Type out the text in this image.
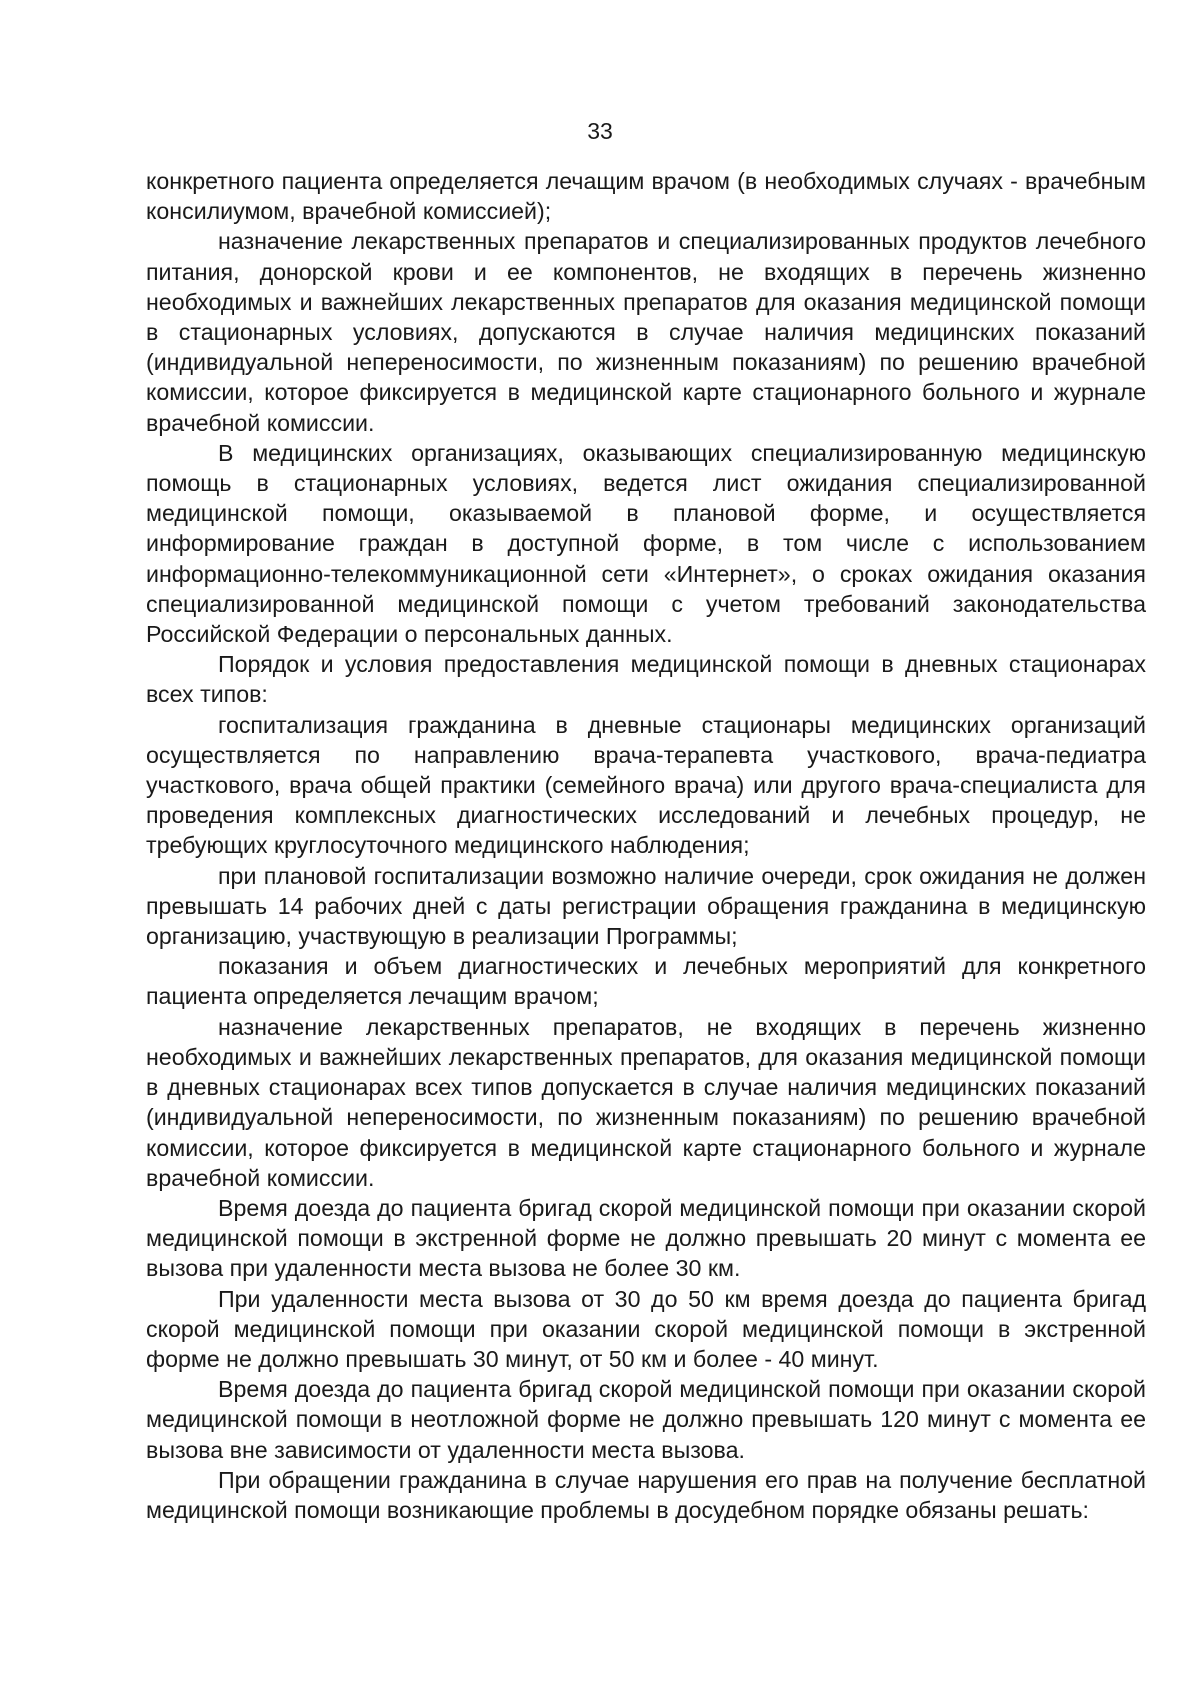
33

конкретного пациента определяется лечащим врачом (в необходимых случаях - врачебным консилиумом, врачебной комиссией);

назначение лекарственных препаратов и специализированных продуктов лечебного питания, донорской крови и ее компонентов, не входящих в перечень жизненно необходимых и важнейших лекарственных препаратов для оказания медицинской помощи в стационарных условиях, допускаются в случае наличия медицинских показаний (индивидуальной непереносимости, по жизненным показаниям) по решению врачебной комиссии, которое фиксируется в медицинской карте стационарного больного и журнале врачебной комиссии.

В медицинских организациях, оказывающих специализированную медицинскую помощь в стационарных условиях, ведется лист ожидания специализированной медицинской помощи, оказываемой в плановой форме, и осуществляется информирование граждан в доступной форме, в том числе с использованием информационно-телекоммуникационной сети «Интернет», о сроках ожидания оказания специализированной медицинской помощи с учетом требований законодательства Российской Федерации о персональных данных.

Порядок и условия предоставления медицинской помощи в дневных стационарах всех типов:

госпитализация гражданина в дневные стационары медицинских организаций осуществляется по направлению врача-терапевта участкового, врача-педиатра участкового, врача общей практики (семейного врача) или другого врача-специалиста для проведения комплексных диагностических исследований и лечебных процедур, не требующих круглосуточного медицинского наблюдения;

при плановой госпитализации возможно наличие очереди, срок ожидания не должен превышать 14 рабочих дней с даты регистрации обращения гражданина в медицинскую организацию, участвующую в реализации Программы;

показания и объем диагностических и лечебных мероприятий для конкретного пациента определяется лечащим врачом;

назначение лекарственных препаратов, не входящих в перечень жизненно необходимых и важнейших лекарственных препаратов, для оказания медицинской помощи в дневных стационарах всех типов допускается в случае наличия медицинских показаний (индивидуальной непереносимости, по жизненным показаниям) по решению врачебной комиссии, которое фиксируется в медицинской карте стационарного больного и журнале врачебной комиссии.

Время доезда до пациента бригад скорой медицинской помощи при оказании скорой медицинской помощи в экстренной форме не должно превышать 20 минут с момента ее вызова при удаленности места вызова не более 30 км.

При удаленности места вызова от 30 до 50 км время доезда до пациента бригад скорой медицинской помощи при оказании скорой медицинской помощи в экстренной форме не должно превышать 30 минут, от 50 км и более - 40 минут.

Время доезда до пациента бригад скорой медицинской помощи при оказании скорой медицинской помощи в неотложной форме не должно превышать 120 минут с момента ее вызова вне зависимости от удаленности места вызова.

При обращении гражданина в случае нарушения его прав на получение бесплатной медицинской помощи возникающие проблемы в досудебном порядке обязаны решать:
